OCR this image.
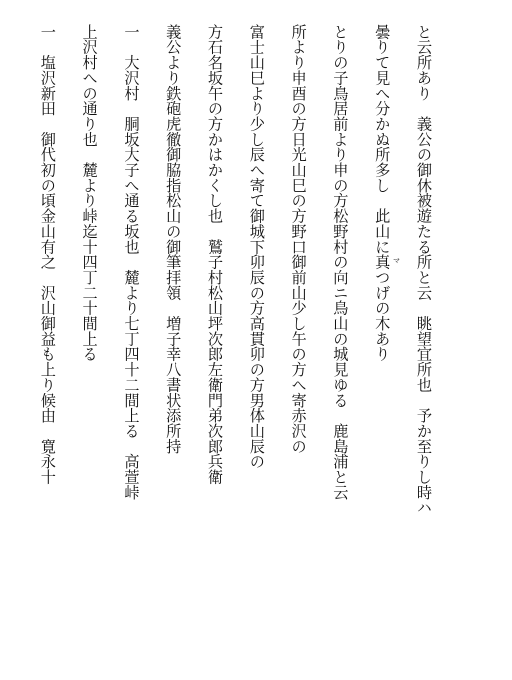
と云所あり　義公の御休被遊たる所と云　眺望宜所也　予か至りし時ハ
曇りて見へ分かぬ所多し　此山に真つげの木あり
とりの子鳥居前より申の方松野村の向ニ鳥山の城見ゆる　鹿島浦と云
所より申酉の方日光山巳の方野口御前山少し午の方へ寄赤沢の
富士山巳より少し辰へ寄て御城下卯辰の方高貫卯の方男体山辰の
方石名坂午の方かはかくし也　鷲子村松山坪次郎左衛門弟次郎兵衛
義公より鉄砲虎徹御脇指松山の御筆拝領　増子幸八書状添所持
一　大沢村　胴坂大子へ通る坂也　麓より七丁四十二間上る　高萱峠
上沢村への通り也　麓より峠迄十四丁二十間上る
一　塩沢新田　御代初の頃金山有之　沢山御益も上り候由　寛永十	マ
